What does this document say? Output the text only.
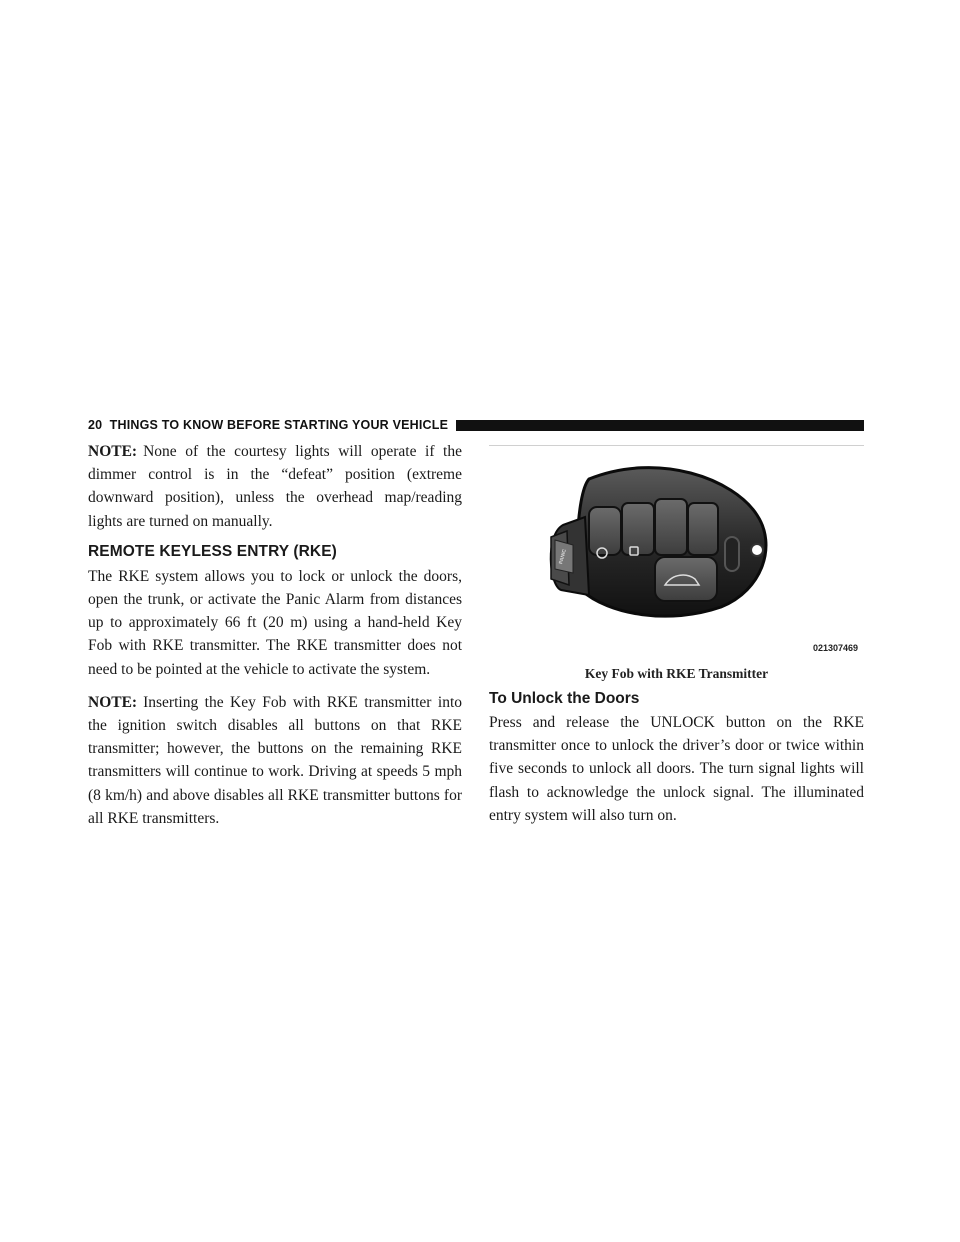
20 THINGS TO KNOW BEFORE STARTING YOUR VEHICLE

NOTE: None of the courtesy lights will operate if the dimmer control is in the “defeat” position (extreme downward position), unless the overhead map/reading lights are turned on manually.

REMOTE KEYLESS ENTRY (RKE)

The RKE system allows you to lock or unlock the doors, open the trunk, or activate the Panic Alarm from distances up to approximately 66 ft (20 m) using a hand-held Key Fob with RKE transmitter. The RKE transmitter does not need to be pointed at the vehicle to activate the system.

NOTE: Inserting the Key Fob with RKE transmitter into the ignition switch disables all buttons on that RKE transmitter; however, the buttons on the remaining RKE transmitters will continue to work. Driving at speeds 5 mph (8 km/h) and above disables all RKE transmitter buttons for all RKE transmitters.

PANIC
021307469
Key Fob with RKE Transmitter
To Unlock the Doors

Press and release the UNLOCK button on the RKE transmitter once to unlock the driver’s door or twice within five seconds to unlock all doors. The turn signal lights will flash to acknowledge the unlock signal. The illuminated entry system will also turn on.
